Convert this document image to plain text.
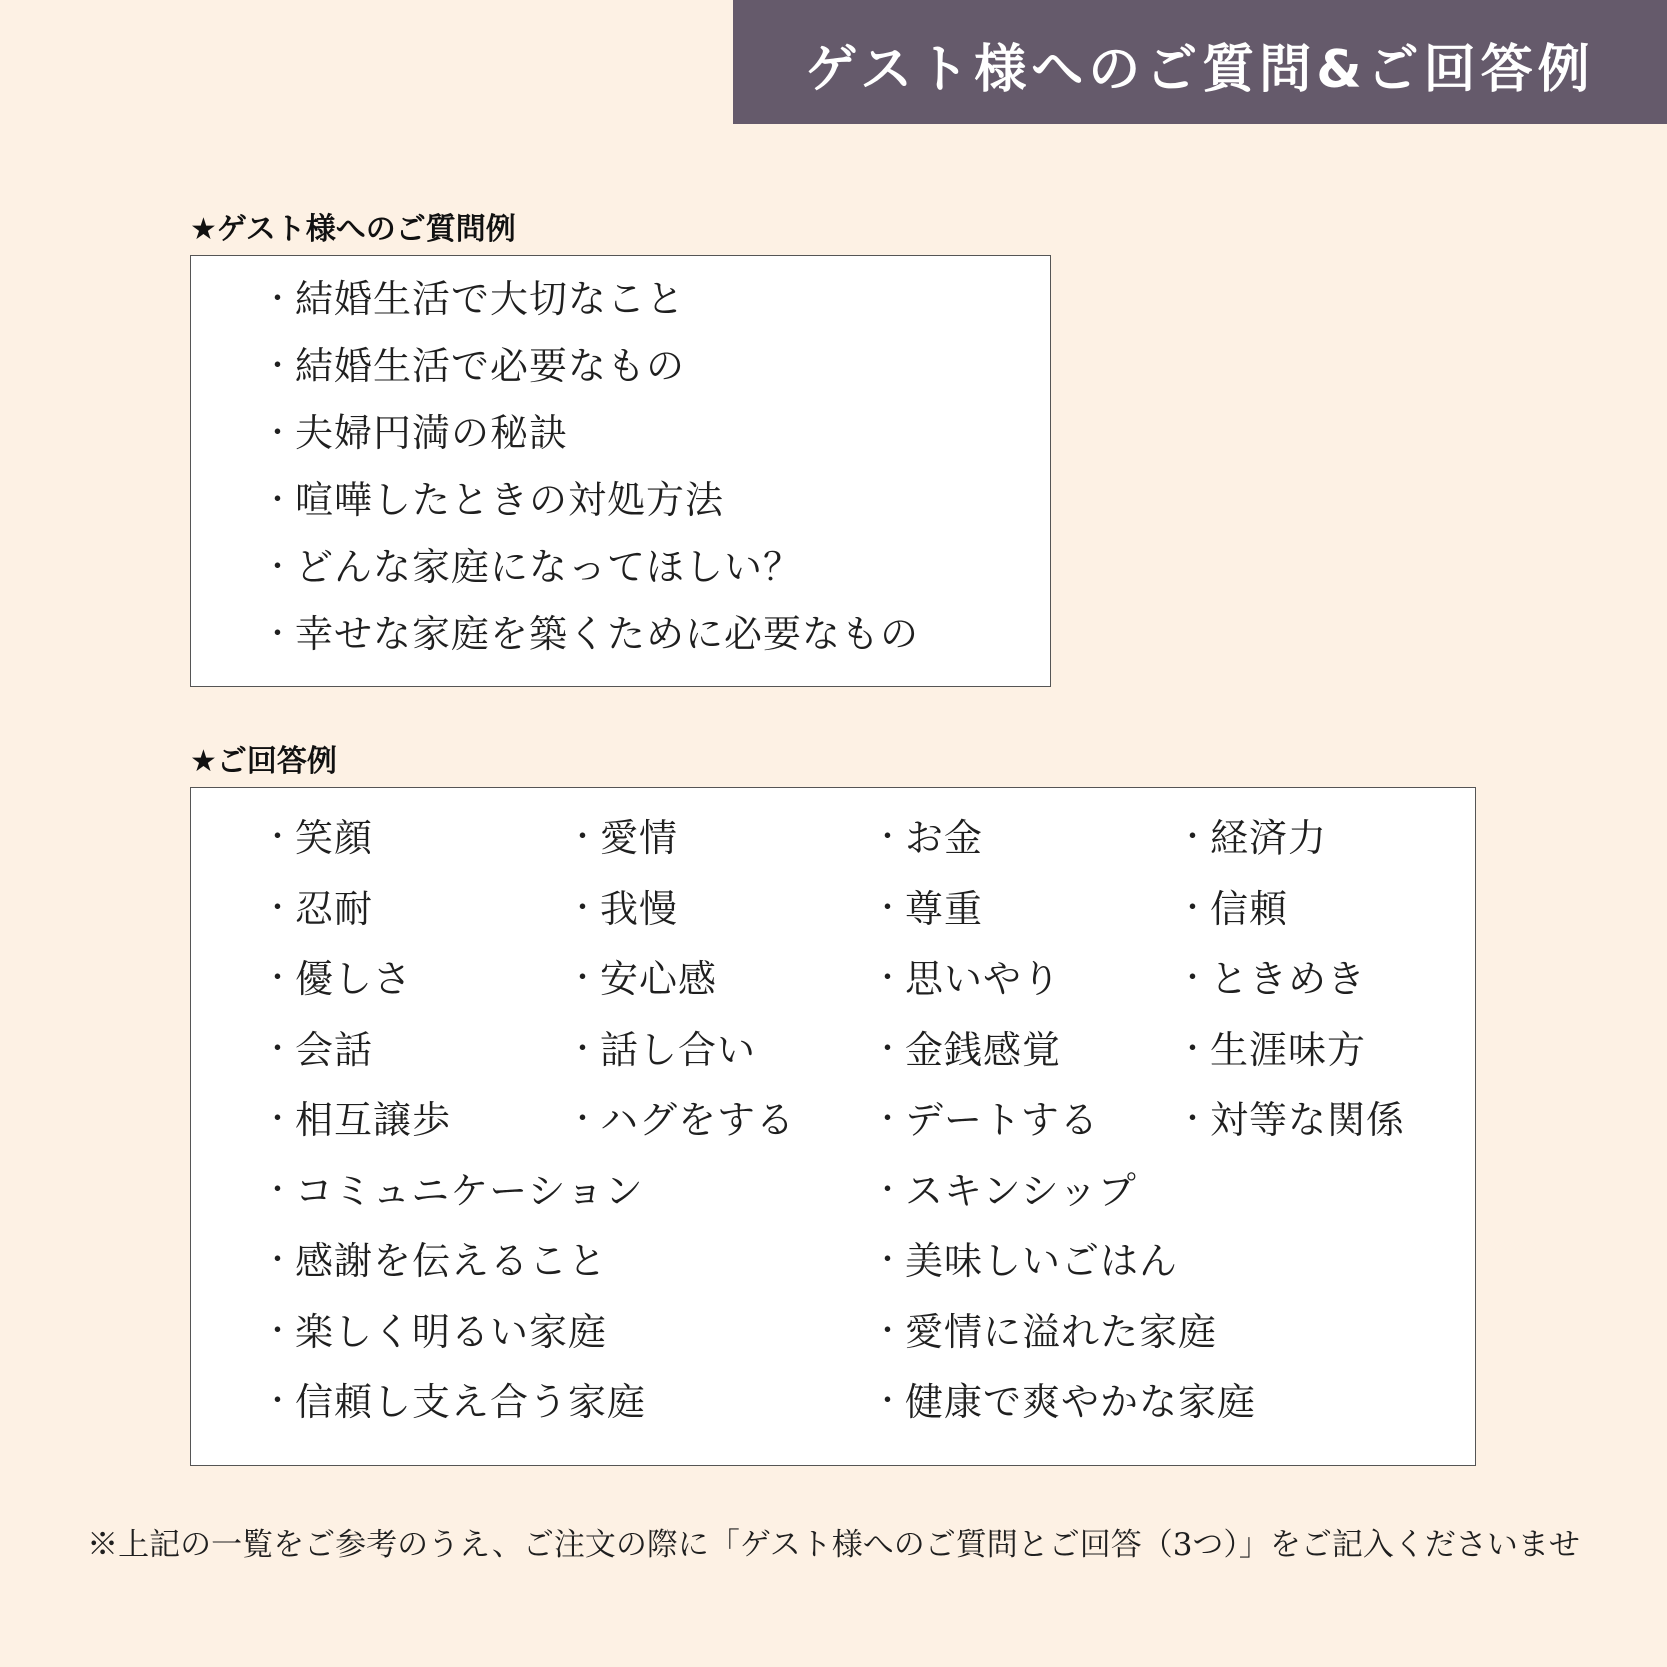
ゲスト様へのご質問&ご回答例
★ゲスト様へのご質問例
・結婚生活で大切なこと
・結婚生活で必要なもの
・夫婦円満の秘訣
・喧嘩したときの対処方法
・どんな家庭になってほしい？
・幸せな家庭を築くために必要なもの
★ご回答例
・笑顔	・愛情	・お金	・経済力
・忍耐	・我慢	・尊重	・信頼
・優しさ	・安心感	・思いやり	・ときめき
・会話	・話し合い	・金銭感覚	・生涯味方
・相互譲歩	・ハグをする	・デートする	・対等な関係
・コミュニケーション	・スキンシップ
・感謝を伝えること	・美味しいごはん
・楽しく明るい家庭	・愛情に溢れた家庭
・信頼し支え合う家庭	・健康で爽やかな家庭
※上記の一覧をご参考のうえ、ご注文の際に「ゲスト様へのご質問とご回答（3つ）」をご記入くださいませ
